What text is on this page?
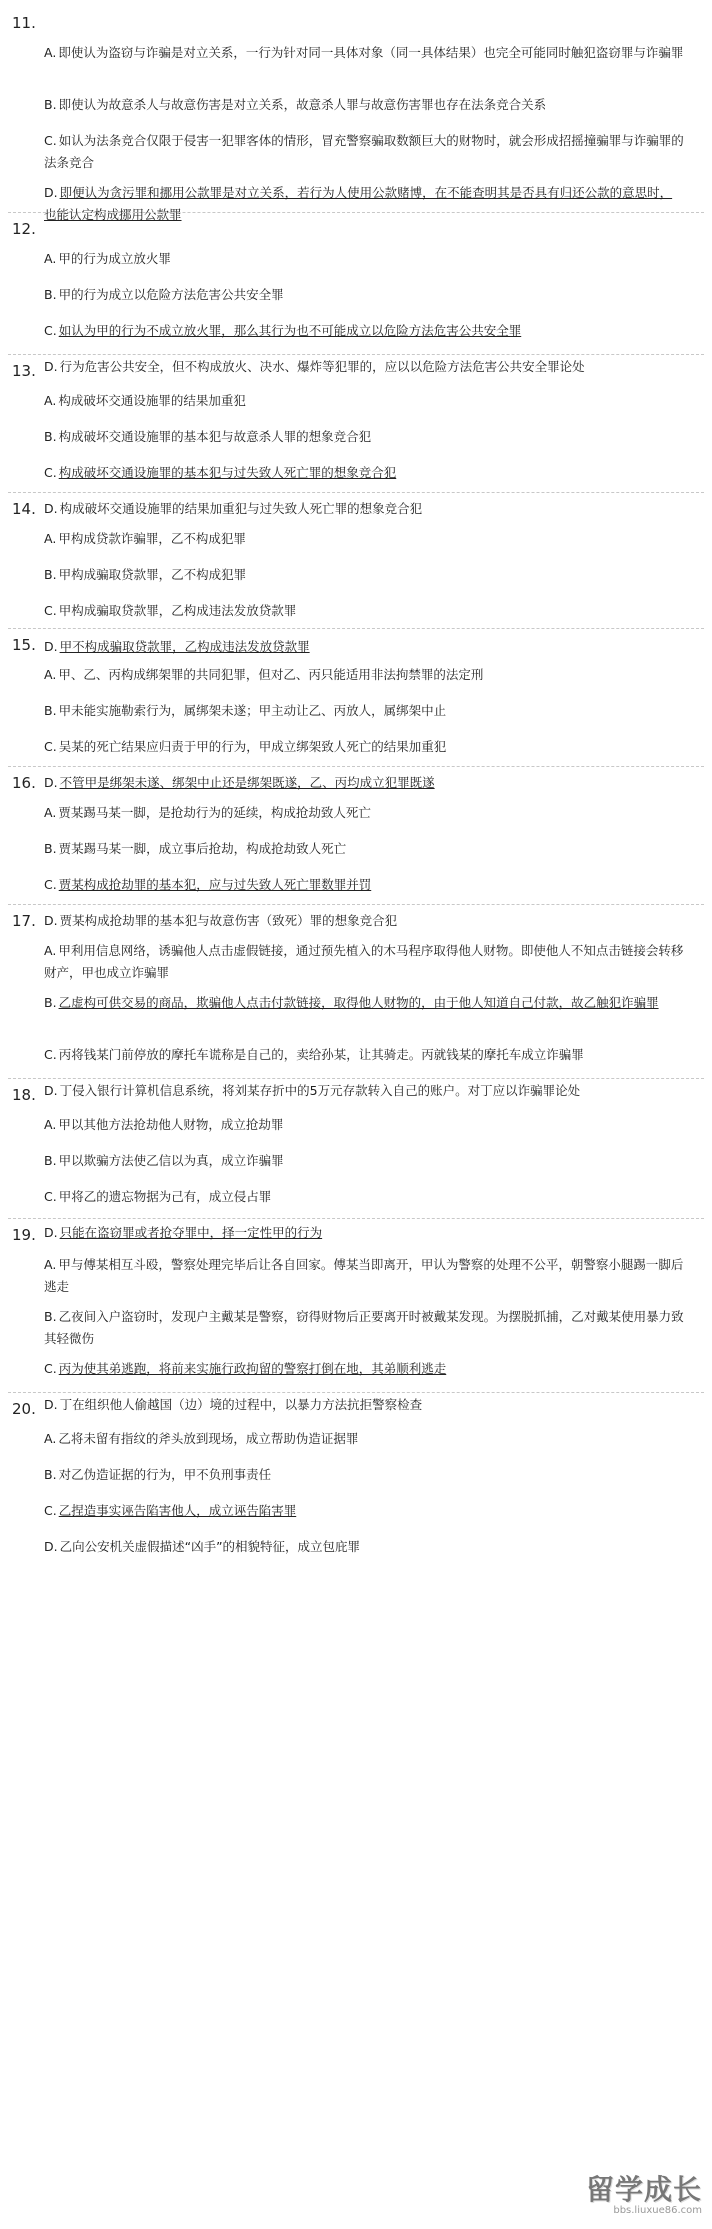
11.
A. 即使认为盗窃与诈骗是对立关系，一行为针对同一具体对象（同一具体结果）也完全可能同时触犯盗窃罪与诈骗罪
B. 即使认为故意杀人与故意伤害是对立关系，故意杀人罪与故意伤害罪也存在法条竞合关系
C. 如认为法条竞合仅限于侵害一犯罪客体的情形，冒充警察骗取数额巨大的财物时，就会形成招摇撞骗罪与诈骗罪的法条竞合
D. 即便认为贪污罪和挪用公款罪是对立关系，若行为人使用公款赌博，在不能查明其是否具有归还公款的意思时，也能认定构成挪用公款罪
12.
A. 甲的行为成立放火罪
B. 甲的行为成立以危险方法危害公共安全罪
C. 如认为甲的行为不成立放火罪，那么其行为也不可能成立以危险方法危害公共安全罪
D. 行为危害公共安全，但不构成放火、决水、爆炸等犯罪的，应以以危险方法危害公共安全罪论处
13.
A. 构成破坏交通设施罪的结果加重犯
B. 构成破坏交通设施罪的基本犯与故意杀人罪的想象竞合犯
C. 构成破坏交通设施罪的基本犯与过失致人死亡罪的想象竞合犯
D. 构成破坏交通设施罪的结果加重犯与过失致人死亡罪的想象竞合犯
14.
A. 甲构成贷款诈骗罪，乙不构成犯罪
B. 甲构成骗取贷款罪，乙不构成犯罪
C. 甲构成骗取贷款罪，乙构成违法发放贷款罪
D. 甲不构成骗取贷款罪，乙构成违法发放贷款罪
15.
A. 甲、乙、丙构成绑架罪的共同犯罪，但对乙、丙只能适用非法拘禁罪的法定刑
B. 甲未能实施勒索行为，属绑架未遂；甲主动让乙、丙放人，属绑架中止
C. 吴某的死亡结果应归责于甲的行为，甲成立绑架致人死亡的结果加重犯
D. 不管甲是绑架未遂、绑架中止还是绑架既遂，乙、丙均成立犯罪既遂
16.
A. 贾某踢马某一脚，是抢劫行为的延续，构成抢劫致人死亡
B. 贾某踢马某一脚，成立事后抢劫，构成抢劫致人死亡
C. 贾某构成抢劫罪的基本犯，应与过失致人死亡罪数罪并罚
D. 贾某构成抢劫罪的基本犯与故意伤害（致死）罪的想象竞合犯
17.
A. 甲利用信息网络，诱骗他人点击虚假链接，通过预先植入的木马程序取得他人财物。即使他人不知点击链接会转移财产，甲也成立诈骗罪
B. 乙虚构可供交易的商品，欺骗他人点击付款链接，取得他人财物的，由于他人知道自己付款，故乙触犯诈骗罪
C. 丙将钱某门前停放的摩托车谎称是自己的，卖给孙某，让其骑走。丙就钱某的摩托车成立诈骗罪
D. 丁侵入银行计算机信息系统，将刘某存折中的5万元存款转入自己的账户。对丁应以诈骗罪论处
18.
A. 甲以其他方法抢劫他人财物，成立抢劫罪
B. 甲以欺骗方法使乙信以为真，成立诈骗罪
C. 甲将乙的遗忘物据为己有，成立侵占罪
D. 只能在盗窃罪或者抢夺罪中，择一定性甲的行为
19.
A. 甲与傅某相互斗殴，警察处理完毕后让各自回家。傅某当即离开，甲认为警察的处理不公平，朝警察小腿踢一脚后逃走
B. 乙夜间入户盗窃时，发现户主戴某是警察，窃得财物后正要离开时被戴某发现。为摆脱抓捕，乙对戴某使用暴力致其轻微伤
C. 丙为使其弟逃跑，将前来实施行政拘留的警察打倒在地，其弟顺利逃走
D. 丁在组织他人偷越国（边）境的过程中，以暴力方法抗拒警察检查
20.
A. 乙将未留有指纹的斧头放到现场，成立帮助伪造证据罪
B. 对乙伪造证据的行为，甲不负刑事责任
C. 乙捏造事实诬告陷害他人，成立诬告陷害罪
D. 乙向公安机关虚假描述“凶手”的相貌特征，成立包庇罪
留学成长
bbs.liuxue86.com
